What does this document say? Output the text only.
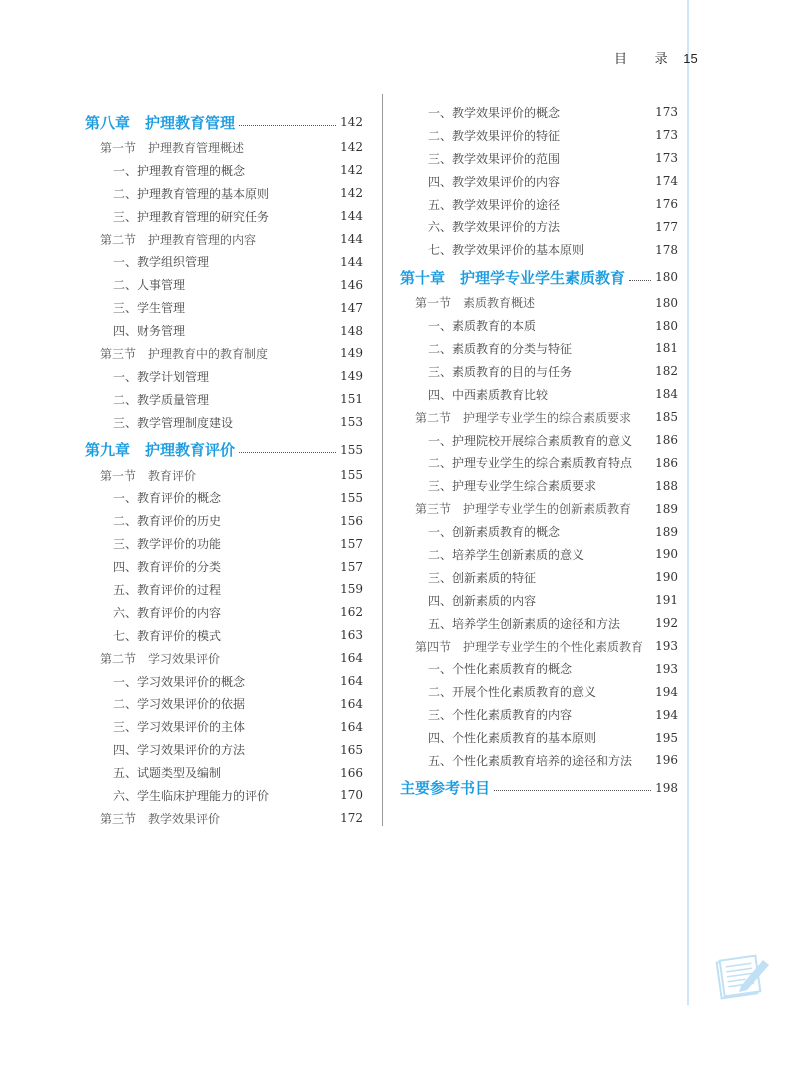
目 录 15
第八章　护理教育管理	142
第一节　护理教育管理概述	142
一、护理教育管理的概念	142
二、护理教育管理的基本原则	142
三、护理教育管理的研究任务	144
第二节　护理教育管理的内容	144
一、教学组织管理	144
二、人事管理	146
三、学生管理	147
四、财务管理	148
第三节　护理教育中的教育制度	149
一、教学计划管理	149
二、教学质量管理	151
三、教学管理制度建设	153
第九章　护理教育评价	155
第一节　教育评价	155
一、教育评价的概念	155
二、教育评价的历史	156
三、教学评价的功能	157
四、教育评价的分类	157
五、教育评价的过程	159
六、教育评价的内容	162
七、教育评价的模式	163
第二节　学习效果评价	164
一、学习效果评价的概念	164
二、学习效果评价的依据	164
三、学习效果评价的主体	164
四、学习效果评价的方法	165
五、试题类型及编制	166
六、学生临床护理能力的评价	170
第三节　教学效果评价	172
一、教学效果评价的概念	173
二、教学效果评价的特征	173
三、教学效果评价的范围	173
四、教学效果评价的内容	174
五、教学效果评价的途径	176
六、教学效果评价的方法	177
七、教学效果评价的基本原则	178
第十章　护理学专业学生素质教育	180
第一节　素质教育概述	180
一、素质教育的本质	180
二、素质教育的分类与特征	181
三、素质教育的目的与任务	182
四、中西素质教育比较	184
第二节　护理学专业学生的综合素质要求 185
一、护理院校开展综合素质教育的意义 186
二、护理专业学生的综合素质教育特点 186
三、护理专业学生综合素质要求	188
第三节　护理学专业学生的创新素质教育 189
一、创新素质教育的概念	189
二、培养学生创新素质的意义	190
三、创新素质的特征	190
四、创新素质的内容	191
五、培养学生创新素质的途径和方法	192
第四节　护理学专业学生的个性化素质教育 193
一、个性化素质教育的概念	193
二、开展个性化素质教育的意义	194
三、个性化素质教育的内容	194
四、个性化素质教育的基本原则	195
五、个性化素质教育培养的途径和方法 196
主要参考书目	198
